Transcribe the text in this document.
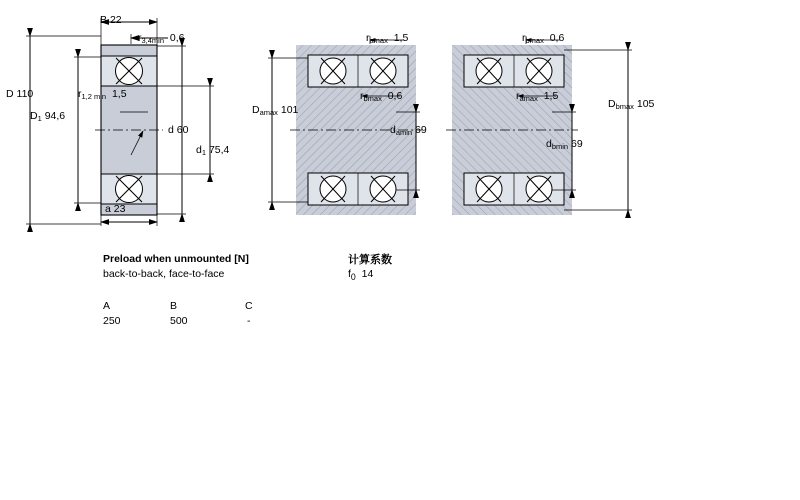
B 22
$r_{3,4min}$ 0,6
D 110	$r_{1,2 min}$ 1,5
$D_1$ 94,6
d 60
$d_1$ 75,4
a 23
$r_{amax}$ 1,5	$r_{bmax}$ 0,6
$D_{amax}$ 101
$r_{bmax}$ 0,6	$r_{amax}$ 1,5
$d_{amin}$ 69
$d_{bmin}$ 69
$D_{bmax}$ 105
Preload when unmounted [N]
back-to-back, face-to-face
A	B	C
250	500	-
计算系数
$f_0$ 14
